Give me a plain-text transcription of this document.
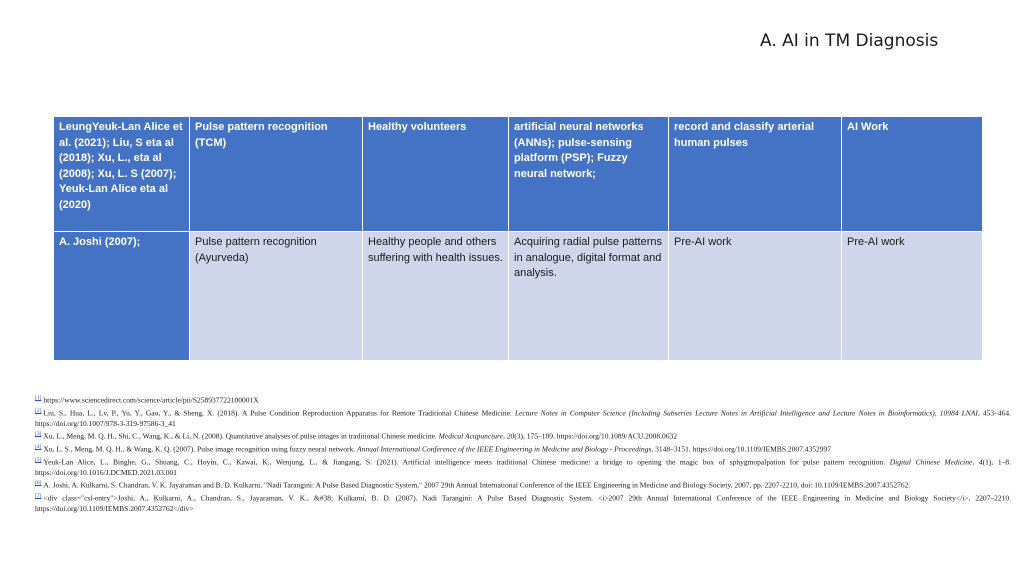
A. AI in TM Diagnosis
LeungYeuk-Lan Alice et al. (2021); Liu, S eta al (2018); Xu, L., eta al (2008); Xu, L. S (2007); Yeuk-Lan Alice eta al (2020)	Pulse pattern recognition (TCM)	Healthy volunteers	artificial neural networks (ANNs); pulse-sensing platform (PSP); Fuzzy neural network;	record and classify arterial human pulses	AI Work
A. Joshi (2007);	Pulse pattern recognition (Ayurveda)	Healthy people and others suffering with health issues.	Acquiring radial pulse patterns in analogue, digital format and analysis.	Pre-AI work	Pre-AI work

[1] https://www.sciencedirect.com/science/article/pii/S258937722100001X

[2] Liu, S., Hua, L., Lv, P., Yu, Y., Gao, Y., & Sheng, X. (2018). A Pulse Condition Reproduction Apparatus for Remote Traditional Chinese Medicine. Lecture Notes in Computer Science (Including Subseries Lecture Notes in Artificial Intelligence and Lecture Notes in Bioinformatics), 10984 LNAI, 453–464. https://doi.org/10.1007/978-3-319-97586-3_41

[3] Xu, L., Meng, M. Q. H., Shi, C., Wang, K., & Li, N. (2008). Quantitative analyses of pulse images in traditional Chinese medicine. Medical Acupuncture, 20(3), 175–189. https://doi.org/10.1089/ACU.2008.0632

[4] Xu, L. S., Meng, M. Q. H., & Wang, K. Q. (2007). Pulse image recognition using fuzzy neural network. Annual International Conference of the IEEE Engineering in Medicine and Biology - Proceedings, 3148–3151. https://doi.org/10.1109/IEMBS.2007.4352997

[5] Yeuk-Lan Alice, L., Binghe, G., Shuang, C., Hoyin, C., Kawai, K., Wenjung, L., & Jiangang, S. (2021). Artificial intelligence meets traditional Chinese medicine: a bridge to opening the magic box of sphygmopalpation for pulse pattern recognition. Digital Chinese Medicine, 4(1), 1–8. https://doi.org/10.1016/J.DCMED.2021.03.001

[6] A. Joshi, A. Kulkarni, S. Chandran, V. K. Jayaraman and B. D. Kulkarni, "Nadi Tarangini: A Pulse Based Diagnostic System," 2007 29th Annual International Conference of the IEEE Engineering in Medicine and Biology Society, 2007, pp. 2207-2210, doi: 10.1109/IEMBS.2007.4352762.

[7] <div class="csl-entry">Joshi, A., Kulkarni, A., Chandran, S., Jayaraman, V. K., &#38; Kulkarni, B. D. (2007). Nadi Tarangini: A Pulse Based Diagnostic System. <i>2007 29th Annual International Conference of the IEEE Engineering in Medicine and Biology Society</i>, 2207–2210. https://doi.org/10.1109/IEMBS.2007.4352762</div>
